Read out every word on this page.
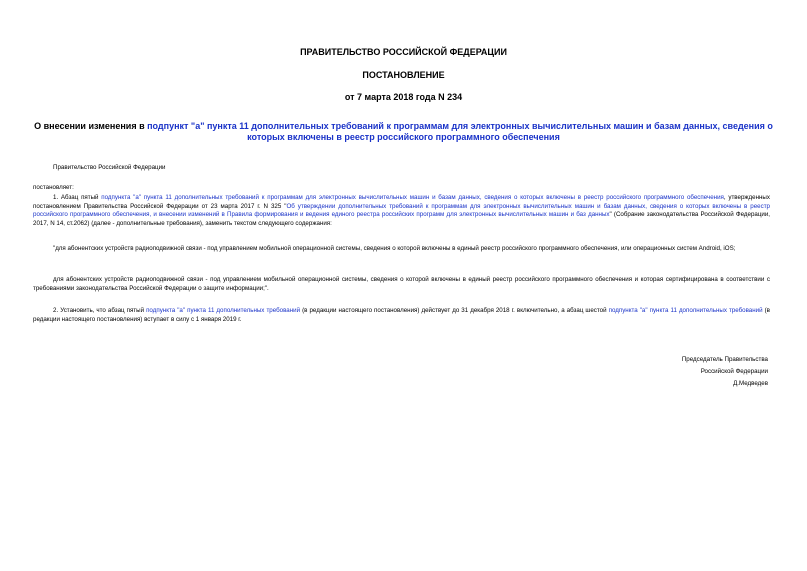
ПРАВИТЕЛЬСТВО РОССИЙСКОЙ ФЕДЕРАЦИИ
ПОСТАНОВЛЕНИЕ
от 7 марта 2018 года N 234
О внесении изменения в подпункт "а" пункта 11 дополнительных требований к программам для электронных вычислительных машин и базам данных, сведения о которых включены в реестр российского программного обеспечения
Правительство Российской Федерации
постановляет:
1. Абзац пятый подпункта "а" пункта 11 дополнительных требований к программам для электронных вычислительных машин и базам данных, сведения о которых включены в реестр российского программного обеспечения, утвержденных постановлением Правительства Российской Федерации от 23 марта 2017 г. N 325 "Об утверждении дополнительных требований к программам для электронных вычислительных машин и базам данных, сведения о которых включены в реестр российского программного обеспечения, и внесении изменений в Правила формирования и ведения единого реестра российских программ для электронных вычислительных машин и баз данных" (Собрание законодательства Российской Федерации, 2017, N 14, ст.2062) (далее - дополнительные требования), заменить текстом следующего содержания:
"для абонентских устройств радиоподвижной связи - под управлением мобильной операционной системы, сведения о которой включены в единый реестр российского программного обеспечения, или операционных систем Android, iOS;
для абонентских устройств радиоподвижной связи - под управлением мобильной операционной системы, сведения о которой включены в единый реестр российского программного обеспечения и которая сертифицирована в соответствии с требованиями законодательства Российской Федерации о защите информации;".
2. Установить, что абзац пятый подпункта "а" пункта 11 дополнительных требований (в редакции настоящего постановления) действует до 31 декабря 2018 г. включительно, а абзац шестой подпункта "а" пункта 11 дополнительных требований (в редакции настоящего постановления) вступает в силу с 1 января 2019 г.
Председатель Правительства
Российской Федерации
Д.Медведев
